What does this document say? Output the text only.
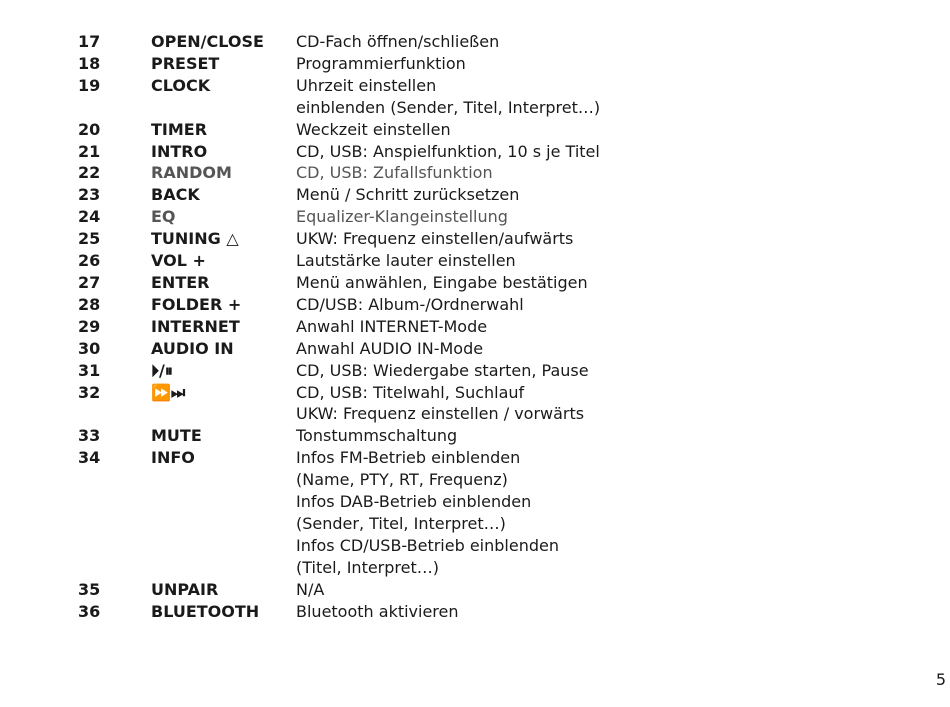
17	OPEN/CLOSE	CD-Fach öffnen/schließen
18	PRESET	Programmierfunktion
19	CLOCK	Uhrzeit einstellen
einblenden (Sender, Titel, Interpret…)
20	TIMER	Weckzeit einstellen
21	INTRO	CD, USB: Anspielfunktion, 10 s je Titel
22	RANDOM	CD, USB: Zufallsfunktion
23	BACK	Menü / Schritt zurücksetzen
24	EQ	Equalizer-Klangeinstellung
25	TUNING △	UKW: Frequenz einstellen/aufwärts
26	VOL +	Lautstärke lauter einstellen
27	ENTER	Menü anwählen, Eingabe bestätigen
28	FOLDER +	CD/USB: Album-/Ordnerwahl
29	INTERNET	Anwahl INTERNET-Mode
30	AUDIO IN	Anwahl AUDIO IN-Mode
31	⏵/⏸	CD, USB: Wiedergabe starten, Pause
32	⏩⏭	CD, USB: Titelwahl, Suchlauf
UKW: Frequenz einstellen / vorwärts
33	MUTE	Tonstummschaltung
34	INFO	Infos FM-Betrieb einblenden
(Name, PTY, RT, Frequenz)
Infos DAB-Betrieb einblenden
(Sender, Titel, Interpret…)
Infos CD/USB-Betrieb einblenden
(Titel, Interpret…)
35	UNPAIR	N/A
36	BLUETOOTH	Bluetooth aktivieren
5
